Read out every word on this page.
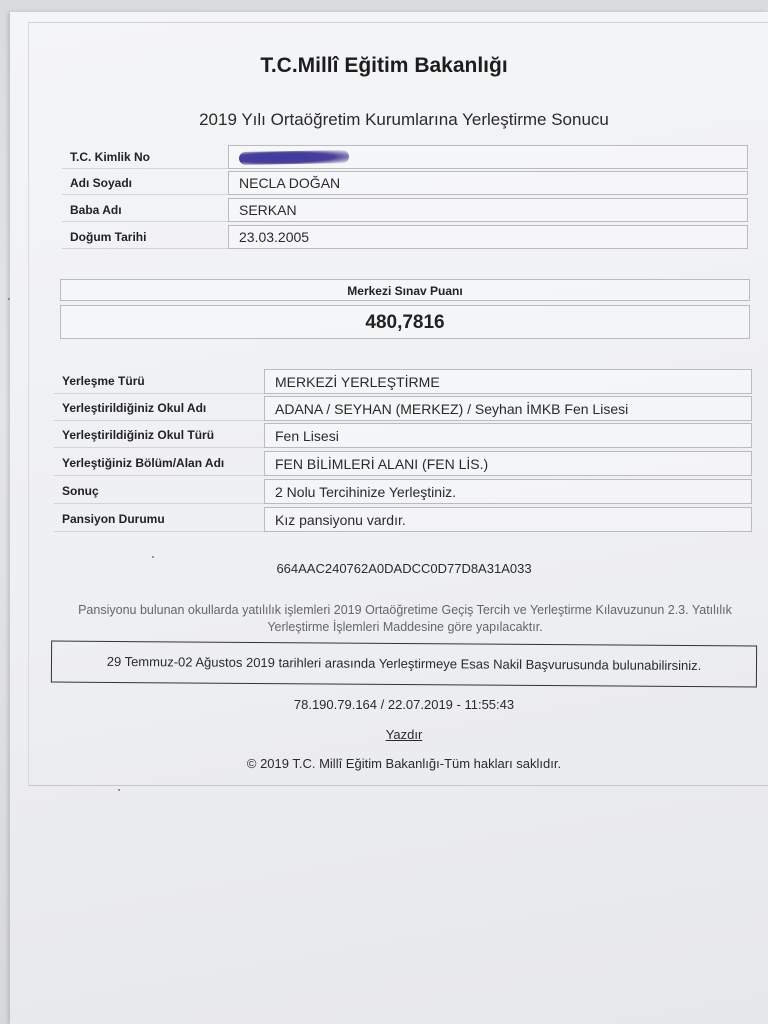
T.C.Millî Eğitim Bakanlığı
2019 Yılı Ortaöğretim Kurumlarına Yerleştirme Sonucu
T.C. Kimlik No
Adı Soyadı	NECLA DOĞAN
Baba Adı	SERKAN
Doğum Tarihi	23.03.2005
Merkezi Sınav Puanı
480,7816
Yerleşme Türü	MERKEZİ YERLEŞTİRME
Yerleştirildiğiniz Okul Adı	ADANA / SEYHAN (MERKEZ) / Seyhan İMKB Fen Lisesi
Yerleştirildiğiniz Okul Türü	Fen Lisesi
Yerleştiğiniz Bölüm/Alan Adı	FEN BİLİMLERİ ALANI (FEN LİS.)
Sonuç	2 Nolu Tercihinize Yerleştiniz.
Pansiyon Durumu	Kız pansiyonu vardır.
664AAC240762A0DADCC0D77D8A31A033
Pansiyonu bulunan okullarda yatılılık işlemleri 2019 Ortaöğretime Geçiş Tercih ve Yerleştirme Kılavuzunun 2.3. Yatılılık Yerleştirme İşlemleri Maddesine göre yapılacaktır.
29 Temmuz-02 Ağustos 2019 tarihleri arasında Yerleştirmeye Esas Nakil Başvurusunda bulunabilirsiniz.
78.190.79.164 / 22.07.2019 - 11:55:43
Yazdır
© 2019 T.C. Millî Eğitim Bakanlığı-Tüm hakları saklıdır.
